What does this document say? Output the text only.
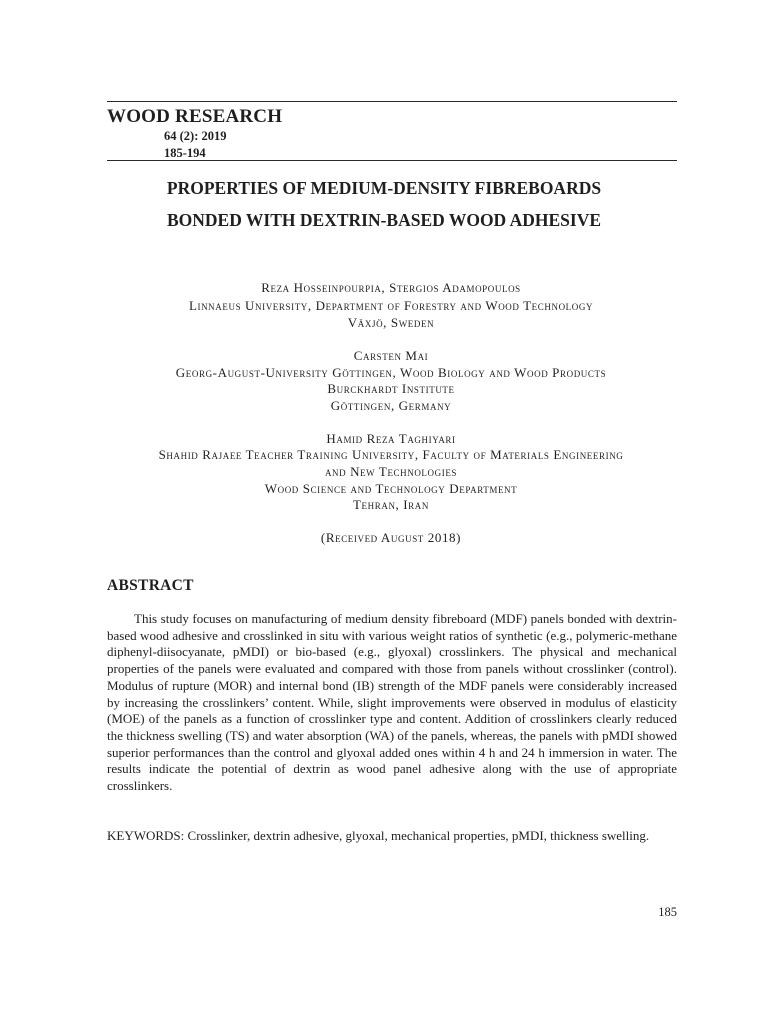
WOOD RESEARCH
64 (2): 2019
185-194
PROPERTIES OF MEDIUM-DENSITY FIBREBOARDS
BONDED WITH DEXTRIN-BASED WOOD ADHESIVE
Reza Hosseinpourpia, Stergios Adamopoulos
Linnaeus University, Department of Forestry and Wood Technology
Växjö, Sweden
Carsten Mai
Georg-August-University Göttingen, Wood Biology and Wood Products
Burckhardt Institute
Göttingen, Germany
Hamid Reza Taghiyari
Shahid Rajaee Teacher Training University, Faculty of Materials Engineering
and New Technologies
Wood Science and Technology Department
Tehran, Iran
(Received August 2018)
ABSTRACT

This study focuses on manufacturing of medium density fibreboard (MDF) panels bonded with dextrin-based wood adhesive and crosslinked in situ with various weight ratios of synthetic (e.g., polymeric-methane diphenyl-diisocyanate, pMDI) or bio-based (e.g., glyoxal) crosslinkers. The physical and mechanical properties of the panels were evaluated and compared with those from panels without crosslinker (control). Modulus of rupture (MOR) and internal bond (IB) strength of the MDF panels were considerably increased by increasing the crosslinkers’ content. While, slight improvements were observed in modulus of elasticity (MOE) of the panels as a function of crosslinker type and content. Addition of crosslinkers clearly reduced the thickness swelling (TS) and water absorption (WA) of the panels, whereas, the panels with pMDI showed superior performances than the control and glyoxal added ones within 4 h and 24 h immersion in water. The results indicate the potential of dextrin as wood panel adhesive along with the use of appropriate crosslinkers.

KEYWORDS: Crosslinker, dextrin adhesive, glyoxal, mechanical properties, pMDI, thickness swelling.

185
